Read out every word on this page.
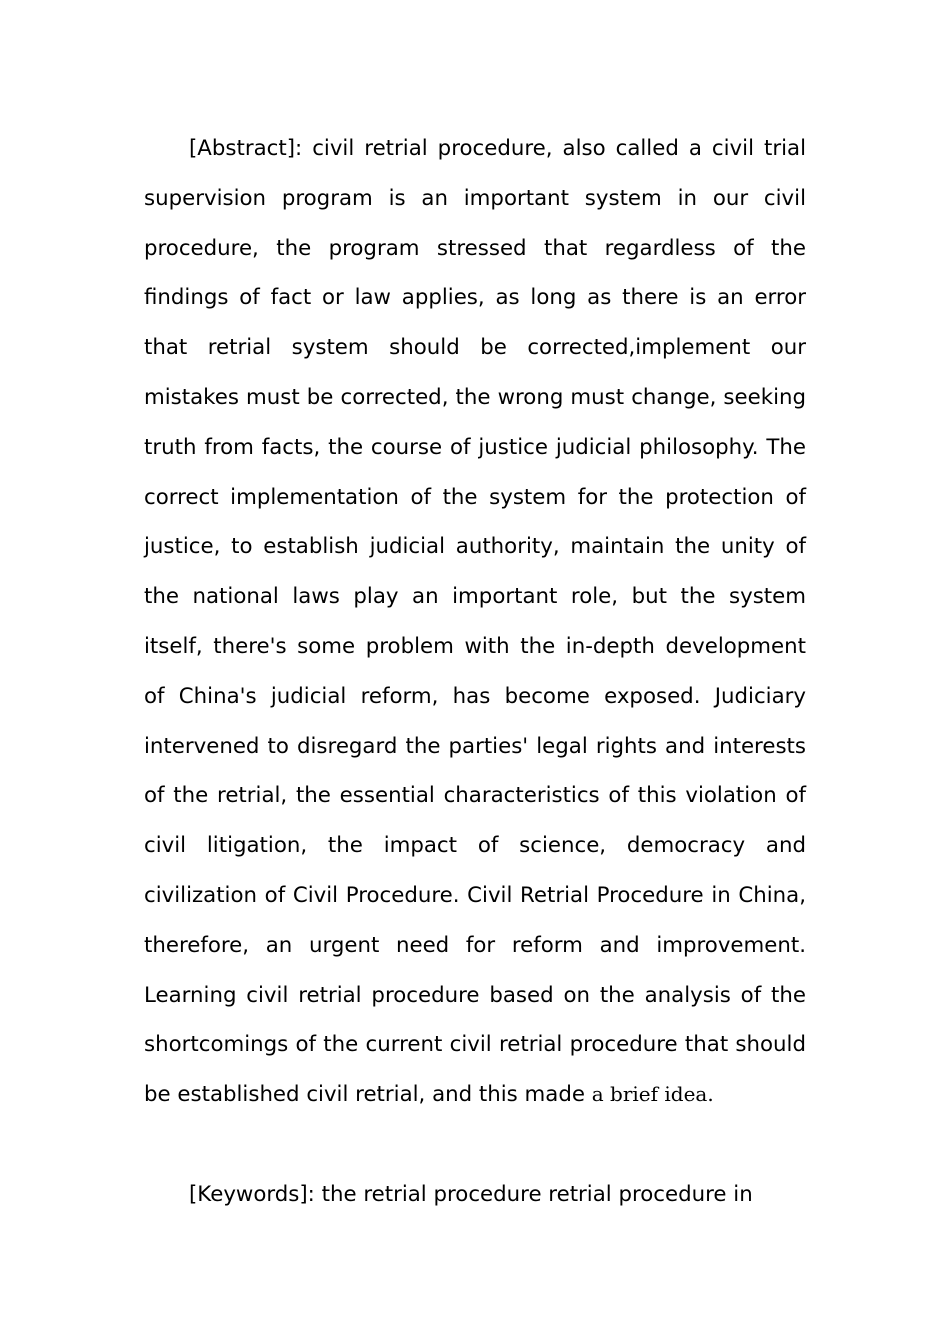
[Abstract]: civil retrial procedure, also called a civil trial supervision program is an important system in our civil procedure, the program stressed that regardless of the findings of fact or law applies, as long as there is an error that retrial system should be corrected,implement our mistakes must be corrected, the wrong must change, seeking truth from facts, the course of justice judicial philosophy. The correct implementation of the system for the protection of justice, to establish judicial authority, maintain the unity of the national laws play an important role, but the system itself, there's some problem with the in-depth development of China's judicial reform, has become exposed. Judiciary intervened to disregard the parties' legal rights and interests of the retrial, the essential characteristics of this violation of civil litigation, the impact of science, democracy and civilization of Civil Procedure. Civil Retrial Procedure in China, therefore, an urgent need for reform and improvement. Learning civil retrial procedure based on the analysis of the shortcomings of the current civil retrial procedure that should be established civil retrial, and this made a brief idea.

[Keywords]: the retrial procedure retrial procedure in
